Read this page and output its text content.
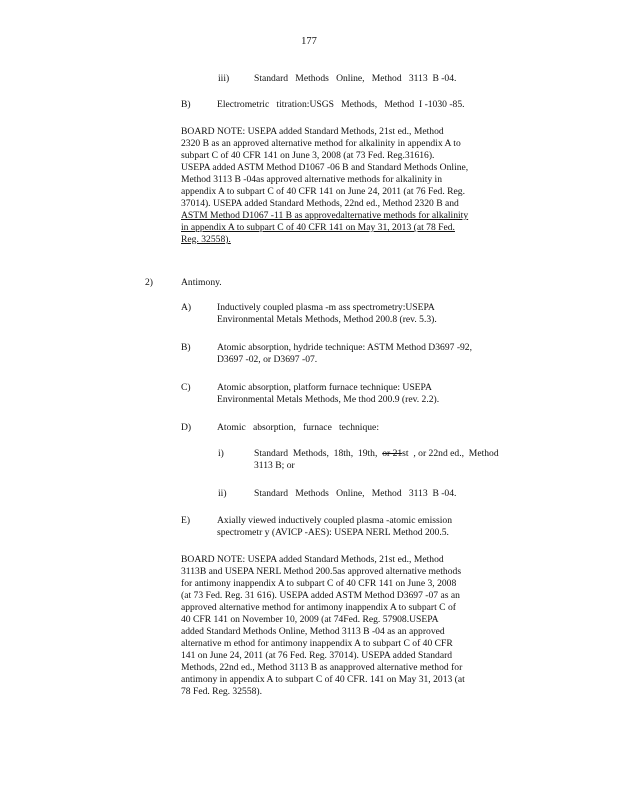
177
iii)	Standard   Methods   Online,   Method   3113  B -04.
B)	Electrometric   titration:USGS   Methods,   Method  I -1030 -85.
BOARD NOTE: USEPA added Standard Methods, 21st ed., Method
2320 B as an approved alternative method for alkalinity in appendix A to
subpart C of 40 CFR 141 on June 3, 2008 (at 73 Fed. Reg.31616).
USEPA added ASTM Method D1067 -06 B and Standard Methods Online,
Method 3113 B -04as approved alternative methods for alkalinity in
appendix A to subpart C of 40 CFR 141 on June 24, 2011 (at 76 Fed. Reg.
37014). USEPA added Standard Methods, 22nd ed., Method 2320 B and
ASTM Method D1067 -11 B as approvedalternative methods for alkalinity
in appendix A to subpart C of 40 CFR 141 on May 31, 2013 (at 78 Fed.
Reg. 32558).
2)	Antimony.
A)	Inductively coupled plasma -m ass spectrometry:USEPA
Environmental Metals Methods, Method 200.8 (rev. 5.3).
B)	Atomic absorption, hydride technique: ASTM Method D3697 -92,
D3697 -02, or D3697 -07.
C)	Atomic absorption, platform furnace technique: USEPA
Environmental Metals Methods, Me thod 200.9 (rev. 2.2).
D)	Atomic   absorption,   furnace   technique:
i)	Standard  Methods,  18th,  19th,  or 21st  , or 22nd ed.,  Method
3113 B; or
ii)	Standard   Methods   Online,   Method   3113  B -04.
E)	Axially viewed inductively coupled plasma -atomic emission
spectrometr y (AVICP -AES): USEPA NERL Method 200.5.
BOARD NOTE: USEPA added Standard Methods, 21st ed., Method
3113B and USEPA NERL Method 200.5as approved alternative methods
for antimony inappendix A to subpart C of 40 CFR 141 on June 3, 2008
(at 73 Fed. Reg. 31 616). USEPA added ASTM Method D3697 -07 as an
approved alternative method for antimony inappendix A to subpart C of
40 CFR 141 on November 10, 2009 (at 74Fed. Reg. 57908.USEPA
added Standard Methods Online, Method 3113 B -04 as an approved
alternative m ethod for antimony inappendix A to subpart C of 40 CFR
141 on June 24, 2011 (at 76 Fed. Reg. 37014). USEPA added Standard
Methods, 22nd ed., Method 3113 B as anapproved alternative method for
antimony in appendix A to subpart C of 40 CFR. 141 on May 31, 2013 (at
78 Fed. Reg. 32558).
